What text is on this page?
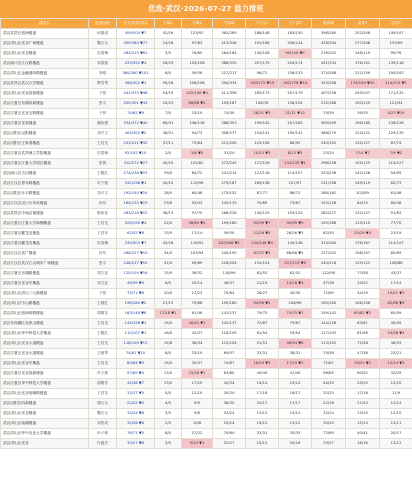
优选·武汉·2026-07-27 温力排班
楼盘名	配送经理	全天(实际)排名	午峰1	午峰2	午高峰	下午茶1	下午茶2	晚高峰	夜宵1	夜宵2
武汉武昌区恒润楼盘	何晟成	409/304 ▼7	42/16	123/92	362/289	186/148	185/150	396/280	252/208	149/107
武汉洪山区光谷广场楼盘	魏石元	459/364 ▼77	24/18	97/83	413/346	191/166	206/144	428/344	277/208	133/99
武汉洪山区光谷楼盘	於春梅	284/215 ▼61	3/0	76/65	264/184	140/108	99/100 ▼9	276/202	146/119	99/76
武汉硚口区江汉路楼盘	刘春燕	433/352 ▼4	26/29	153/106	388/330	207/175	220/174	431/334	176/151	139/118
武汉洪山区金融港四路楼盘	李明	360/280 ▼101	6/0	59/56	227/217	98/72	158/133	374/268	212/159	190/163
武汉武昌区武汉大学楼盘	覃雪琴	368/302 ▼1	55/18	106/106	354/334	163/172 ▼29	162/176 ▼14	353/308	174/194 ▼20	114/115 ▼1
武汉洪山区光谷创意楼盘	于弥	441/375 ▼48	54/19	102/106 ▼4	411/356	185/173	207/179	407/338	259/207	171/132
武汉江夏区东湖高新楼盘	张宇	205/301 ▼43	25/23	66/68 ▼2	193/187	106/76	136/104	215/188	150/125	121/94
武汉江夏区光谷五路楼盘	于钟	74/62 ▼9	7/0	23/19	74/59	28/31 ▼3	21/31 ▼10	74/59	39/35	4/23 ▼19
武汉江夏区龙泉楼盘	潘伟强	334/372 ▼40	60/41	146/118	388/353	199/142	207/185	390/349	196/180	136/126
武汉汉阳区汉阳楼盘	刘兴文	404/302 ▼2	46/21	94/73	306/277	154/141	190/141	388/279	124/121	129/135
武汉汉阳区王家湾楼盘	王其龙	253/211 ▼32	37/11	73/64	221/200	129/106	88/95	240/192	134/127	87/74
武汉江夏区武昌理工学院楼盘	於春梅	92/102 ▼10	2/0	3/8 ▼5	31/24	10/13 ▼3	8/13 ▼5	23/24	7/14 ▼7	7/9 ▼2
武汉江夏区江夏大学园区楼盘	张倩	312/272 ▼27	40/10	102/82	273/245	127/126	132/133 ▼1	296/258	155/125	115/127
武汉硚口区古田楼盘	王敬红	274/238 ▼23	39/0	84/72	241/214	127/118	114/107	253/236	142/128	94/95
武汉江汉区青年路楼盘	叶子豪	342/298 ▼1	40/10	115/96	275/187	169/138	107/97	231/198	149/119	82/73
武汉汉阳区永丰路楼盘	刘兴文	192/150 ▼24	28/0	60/48	175/152	87/77	86/72	186/162	102/89	61/48
武汉江汉区汉口火车站楼盘	孙东	164/135 ▼23	23/6	53/43	145/133	70/69	73/67	155/128	84/75	65/48
武汉武昌区中南汉街楼盘	陈家佳	283/218 ▼22	36/13	97/75	266/228	145/125	153/125	282/227	132/127	91/83
武汉江夏区江夏大学商圈楼盘	王其龙	209/190 ▼4	22/0	58/60 ▼2	199/180	92/99 ▼7	90/99 ▼9	195/186	115/110	77/70
武汉江夏区藏龙岛楼盘	王其东	62/52 ▼8	13/0	17/14	59/50	21/26 ▼5	26/26 ▼3	62/50	25/29 ▼4	23/19
武汉江夏区藏龙岛楼盘	於春梅	330/303 ▼7	43/18	119/91	287/288 ▼1	144/146 ▼4	145/148	314/284	178/167	114/107
武汉江汉区武广楼盘	孙东	266/227 ▼10	34/0	103/94	240/190	67/72 ▼5	68/66 ▼2	237/202	158/107	80/69
武汉江汉区武汉江汉城市广场楼盘	张宇	248/227 ▼10	41/0	95/69	216/204	134/124	107/113 ▼6	244/216	129/123	108/86
武汉江夏区东湖路楼盘	刘文亚	125/104 ▼16	15/0	36/32	118/99	62/52	62/52	122/98	73/58	43/37
武汉江夏区光谷东楼盘	刘文亚	49/39 ▼9	6/0	25/14	46/37	21/19	14/18 ▼4	47/38	29/22	17/14
武汉洪山区洪山二七路楼盘	于弥	75/71 ▼6	20/0	27/23	70/64	28/27	30/30	72/69	44/39	19/21 ▼2
武汉洪山区中山路楼盘	王敬红	196/180 ▼2	27/13	79/68	190/180	94/96 ▼2	106/96	190/180	106/106	62/66 ▼4
武汉洪山区恒润四路楼盘	胡赛芳	163/148 ▼8	17/18 ▼1	61/46	142/137	79/75	74/75 ▼1	159/142	80/82 ▼2	65/59
武汉东西湖区吴家山楼盘	王其龙	144/158 ▼1	15/0	40/41 ▼1	142/137	72/67	79/67	144/128	63/61	45/45
武汉洪山区华中科技大学楼盘	王敬红	110/107 ▼1	16/0	42/37	118/109	61/54	59/54	117/103	61/56	34/38 ▼4
武汉洪山区光谷大道楼盘	王其龙	118/105 ▼13	15/6	36/34	123/104	51/51	46/54 ▼8	113/102	72/58	38/33
武汉江夏区光谷大道楼盘	卫雅琴	74/61 ▼10	8/0	23/19	69/57	33/31	38/31	74/58	47/36	23/21
武汉洪山区光谷东楼盘	王其龙	80/64 ▼5	15/0	35/37	74/67	16/19 ▼3	17/19 ▼2	72/67	19/21 ▼2	12/14 ▼2
武汉江夏区光谷高新楼盘	叶子豪	97/89 ▼4	13/0	25/26 ▼1	83/80	49/45	47/45	96/85	60/52	32/29
武汉江夏区华中科技大学楼盘	胡赛芳	44/36 ▼7	13/0	17/15	42/34	14/14	19/14	44/35	29/20	12/10
武汉洪山区光谷珞喻路楼盘	王其龙	32/27 ▼5	5/0	12/10	30/24	17/18	16/17	32/25	17/16	11/9
武汉汉阳区四新楼盘	胡石元	22/22 ▼0	4/0	9/9	38/30	20/17	17/17	22/16	21/20	12/14
武汉洪山区光谷楼盘	魏石元	32/24 ▼8	3/0	9/6	33/24	13/13	15/14	32/24	13/10	12/10
武汉洪山区南湖楼盘	刘智成	32/26 ▼6	2/0	10/8	29/24	15/12	13/12	30/25	15/14	12/11
武汉洪山区华中农业大学楼盘	叶子豪	76/71 ▼5	8/0	27/22	70/64	33/31	35/33	72/69	40/41	20/17
武汉洪山区光谷	付盛杰	35/27 ▼8	3/0	9/10 ▼1	32/27	15/13	20/16	33/27	18/16	13/12
